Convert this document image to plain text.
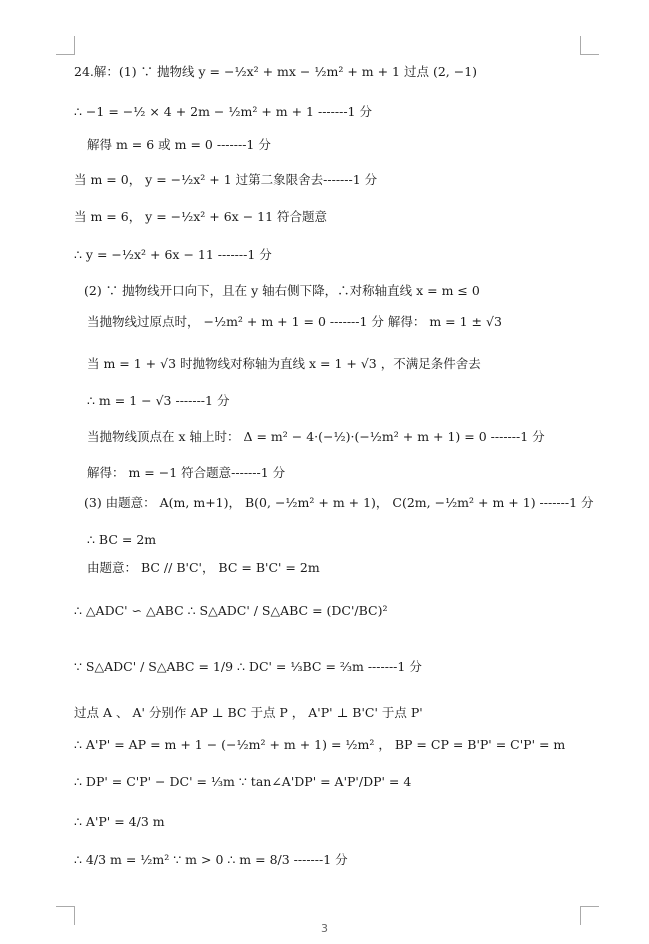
24.解：(1) ∵ 抛物线 y = −½x² + mx − ½m² + m + 1 过点 (2, −1)
∴ −1 = −½ × 4 + 2m − ½m² + m + 1 -------1 分
解得 m = 6 或 m = 0 -------1 分
当 m = 0， y = −½x² + 1 过第二象限舍去-------1 分
当 m = 6， y = −½x² + 6x − 11 符合题意
∴ y = −½x² + 6x − 11 -------1 分
(2) ∵ 抛物线开口向下，且在 y 轴右侧下降，∴对称轴直线 x = m ≤ 0
当抛物线过原点时， −½m² + m + 1 = 0 -------1 分 解得： m = 1 ± √3
当 m = 1 + √3 时抛物线对称轴为直线 x = 1 + √3 ，不满足条件舍去
∴ m = 1 − √3 -------1 分
当抛物线顶点在 x 轴上时： Δ = m² − 4·(−½)·(−½m² + m + 1) = 0 -------1 分
解得： m = −1 符合题意-------1 分
(3) 由题意： A(m, m+1)， B(0, −½m² + m + 1)， C(2m, −½m² + m + 1) -------1 分
∴ BC = 2m
由题意： BC // B'C'， BC = B'C' = 2m
∴ △ADC' ∽ △ABC ∴ S△ADC' / S△ABC = (DC'/BC)²
∵ S△ADC' / S△ABC = 1/9 ∴ DC' = ⅓BC = ⅔m -------1 分
过点 A 、 A' 分别作 AP ⊥ BC 于点 P ， A'P' ⊥ B'C' 于点 P'
∴ A'P' = AP = m + 1 − (−½m² + m + 1) = ½m² ， BP = CP = B'P' = C'P' = m
∴ DP' = C'P' − DC' = ⅓m ∵ tan∠A'DP' = A'P'/DP' = 4
∴ A'P' = 4/3 m
∴ 4/3 m = ½m² ∵ m > 0 ∴ m = 8/3 -------1 分
3
